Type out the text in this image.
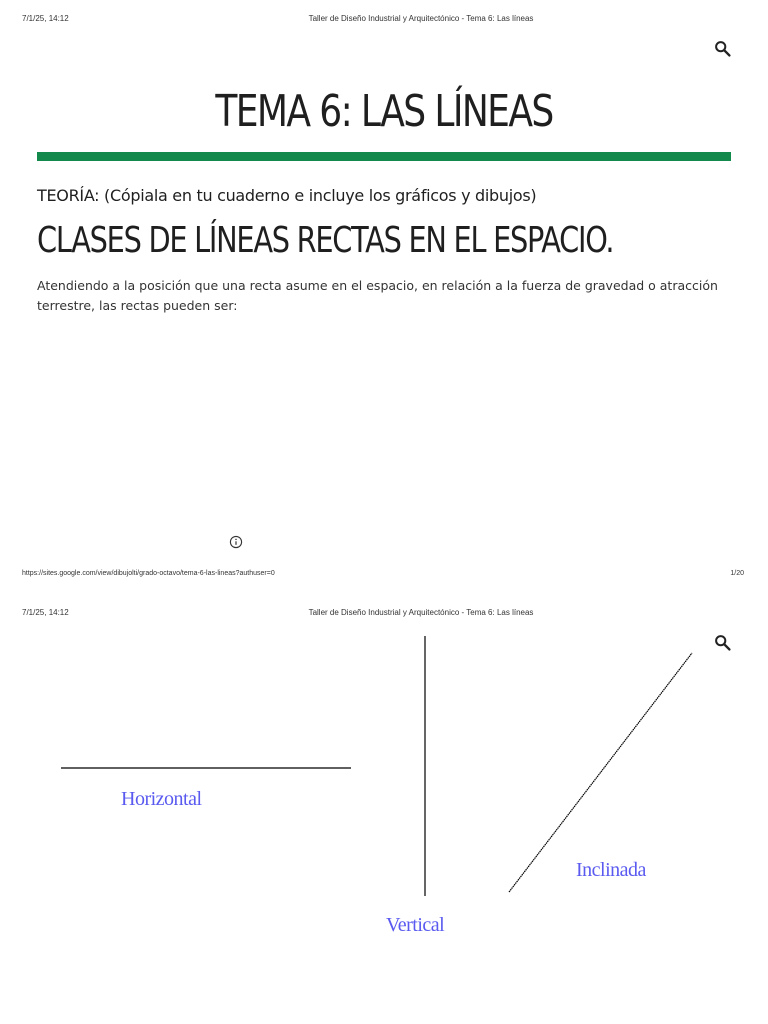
7/1/25, 14:12	Taller de Diseño Industrial y Arquitectónico - Tema 6: Las líneas
TEMA 6: LAS LÍNEAS
TEORÍA: (Cópiala en tu cuaderno e incluye los gráficos y dibujos)
CLASES DE LÍNEAS RECTAS EN EL ESPACIO.

Atendiendo a la posición que una recta asume en el espacio, en relación a la fuerza de gravedad o atracción terrestre, las rectas pueden ser:

https://sites.google.com/view/dibujolti/grado-octavo/tema-6-las-lineas?authuser=0	1/20
7/1/25, 14:12	Taller de Diseño Industrial y Arquitectónico - Tema 6: Las líneas
Horizontal
Vertical
Inclinada
